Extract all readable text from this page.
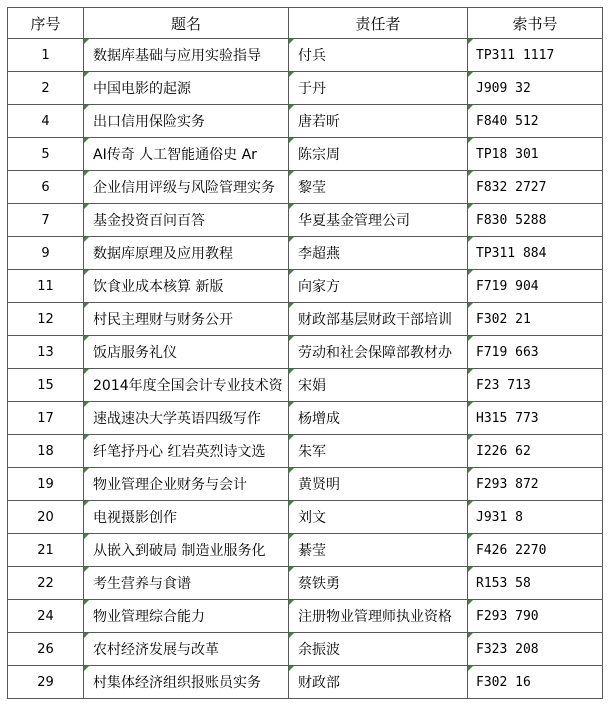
序号	题名	责任者	索书号
1	数据库基础与应用实验指导	付兵	TP311 1117
2	中国电影的起源	于丹	J909 32
4	出口信用保险实务	唐若昕	F840 512
5	AI传奇 人工智能通俗史 Ar	陈宗周	TP18 301
6	企业信用评级与风险管理实务	黎莹	F832 2727
7	基金投资百问百答	华夏基金管理公司	F830 5288
9	数据库原理及应用教程	李超燕	TP311 884
11	饮食业成本核算 新版	向家方	F719 904
12	村民主理财与财务公开	财政部基层财政干部培训	F302 21
13	饭店服务礼仪	劳动和社会保障部教材办	F719 663
15	2014年度全国会计专业技术资	宋娟	F23 713
17	速战速决大学英语四级写作	杨增成	H315 773
18	纤笔抒丹心 红岩英烈诗文选	朱军	I226 62
19	物业管理企业财务与会计	黄贤明	F293 872
20	电视摄影创作	刘文	J931 8
21	从嵌入到破局 制造业服务化	綦莹	F426 2270
22	考生营养与食谱	蔡铁勇	R153 58
24	物业管理综合能力	注册物业管理师执业资格	F293 790
26	农村经济发展与改革	余振波	F323 208
29	村集体经济组织报账员实务	财政部	F302 16
